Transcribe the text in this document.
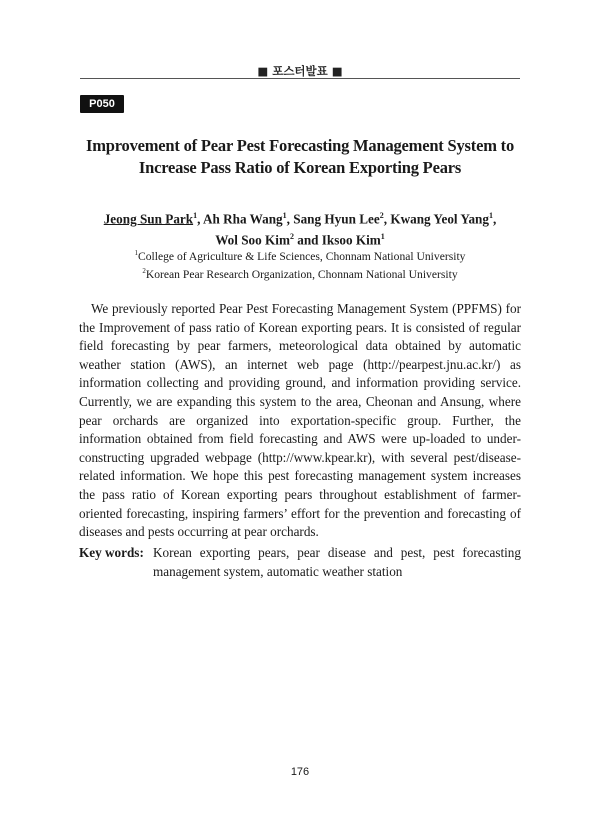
■ 포스터발표 ■
P050
Improvement of Pear Pest Forecasting Management System to
Increase Pass Ratio of Korean Exporting Pears
Jeong Sun Park$^1$, Ah Rha Wang$^1$, Sang Hyun Lee$^2$, Kwang Yeol Yang$^1$,
Wol Soo Kim$^2$ and Iksoo Kim$^1$
$^1$College of Agriculture & Life Sciences, Chonnam National University
$^2$Korean Pear Research Organization, Chonnam National University

We previously reported Pear Pest Forecasting Management System (PPFMS) for the Improvement of pass ratio of Korean exporting pears. It is consisted of regular field forecasting by pear farmers, meteorological data obtained by automatic weather station (AWS), an internet web page (http://pearpest.jnu.ac.kr/) as information collecting and providing ground, and information providing service. Currently, we are expanding this system to the area, Cheonan and Ansung, where pear orchards are organized into exportation-specific group. Further, the information obtained from field forecasting and AWS were up-loaded to under-constructing upgraded webpage (http://www.kpear.kr), with several pest/disease-related information. We hope this pest forecasting management system increases the pass ratio of Korean exporting pears throughout establishment of farmer-oriented forecasting, inspiring farmers’ effort for the prevention and forecasting of diseases and pests occurring at pear orchards.

Key words: Korean exporting pears, pear disease and pest, pest forecasting management system, automatic weather station
176
